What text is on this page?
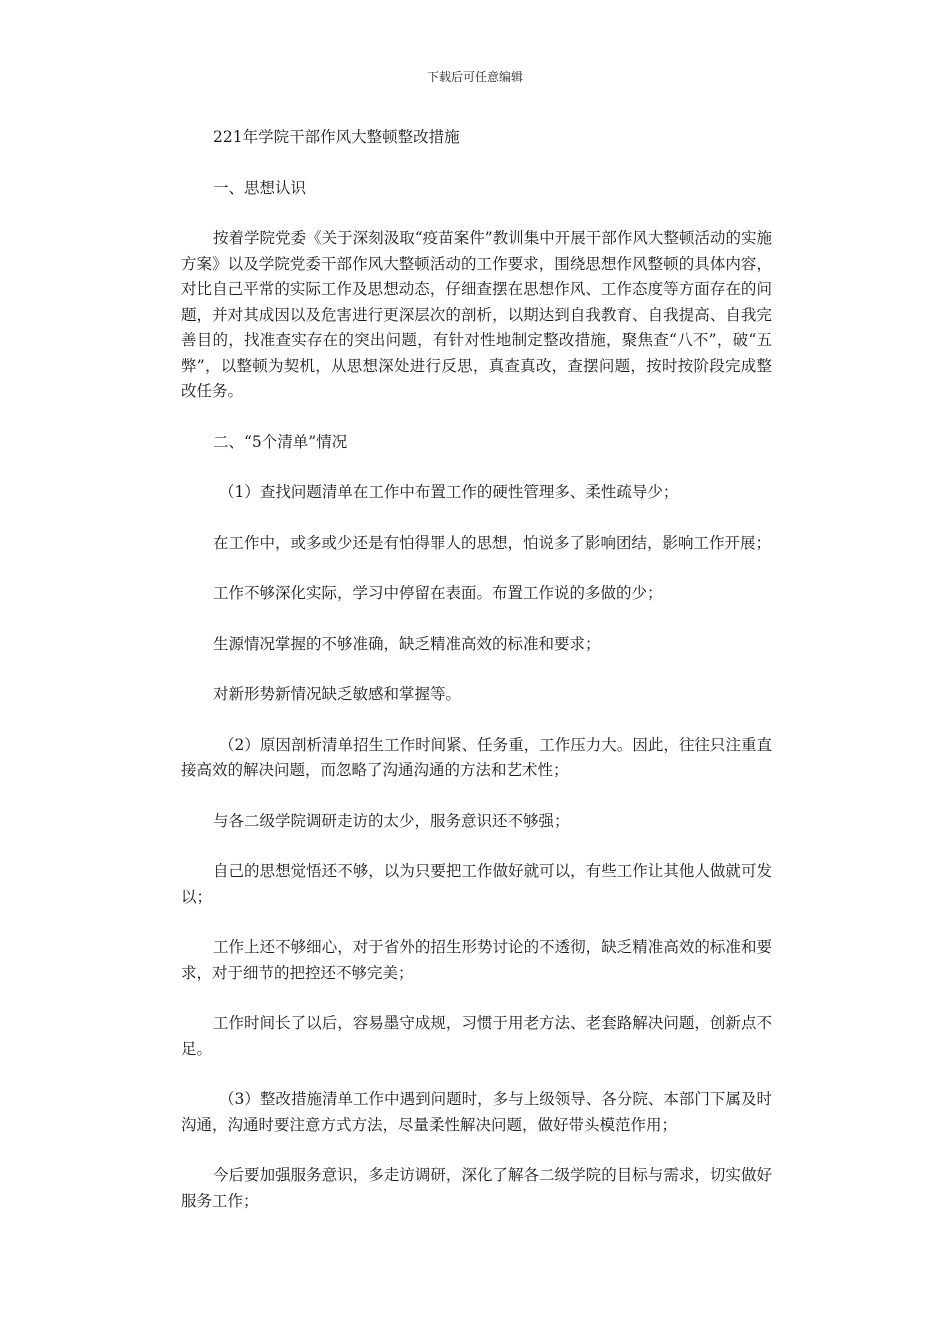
下载后可任意编辑

221年学院干部作风大整顿整改措施

一、思想认识

按着学院党委《关于深刻汲取“疫苗案件”教训集中开展干部作风大整顿活动的实施方案》以及学院党委干部作风大整顿活动的工作要求，围绕思想作风整顿的具体内容，对比自己平常的实际工作及思想动态，仔细查摆在思想作风、工作态度等方面存在的问题，并对其成因以及危害进行更深层次的剖析，以期达到自我教育、自我提高、自我完善目的，找准查实存在的突出问题，有针对性地制定整改措施，聚焦查“八不”，破“五弊”，以整顿为契机，从思想深处进行反思，真查真改，查摆问题，按时按阶段完成整改任务。

二、“5个清单”情况

（1）查找问题清单在工作中布置工作的硬性管理多、柔性疏导少；

在工作中，或多或少还是有怕得罪人的思想，怕说多了影响团结，影响工作开展；

工作不够深化实际，学习中停留在表面。布置工作说的多做的少；

生源情况掌握的不够准确，缺乏精准高效的标准和要求；

对新形势新情况缺乏敏感和掌握等。

（2）原因剖析清单招生工作时间紧、任务重，工作压力大。因此，往往只注重直接高效的解决问题，而忽略了沟通沟通的方法和艺术性；

与各二级学院调研走访的太少，服务意识还不够强；

自己的思想觉悟还不够，以为只要把工作做好就可以，有些工作让其他人做就可发以；

工作上还不够细心，对于省外的招生形势讨论的不透彻，缺乏精准高效的标准和要求，对于细节的把控还不够完美；

工作时间长了以后，容易墨守成规，习惯于用老方法、老套路解决问题，创新点不足。

（3）整改措施清单工作中遇到问题时，多与上级领导、各分院、本部门下属及时沟通，沟通时要注意方式方法，尽量柔性解决问题，做好带头模范作用；

今后要加强服务意识，多走访调研，深化了解各二级学院的目标与需求，切实做好服务工作；
